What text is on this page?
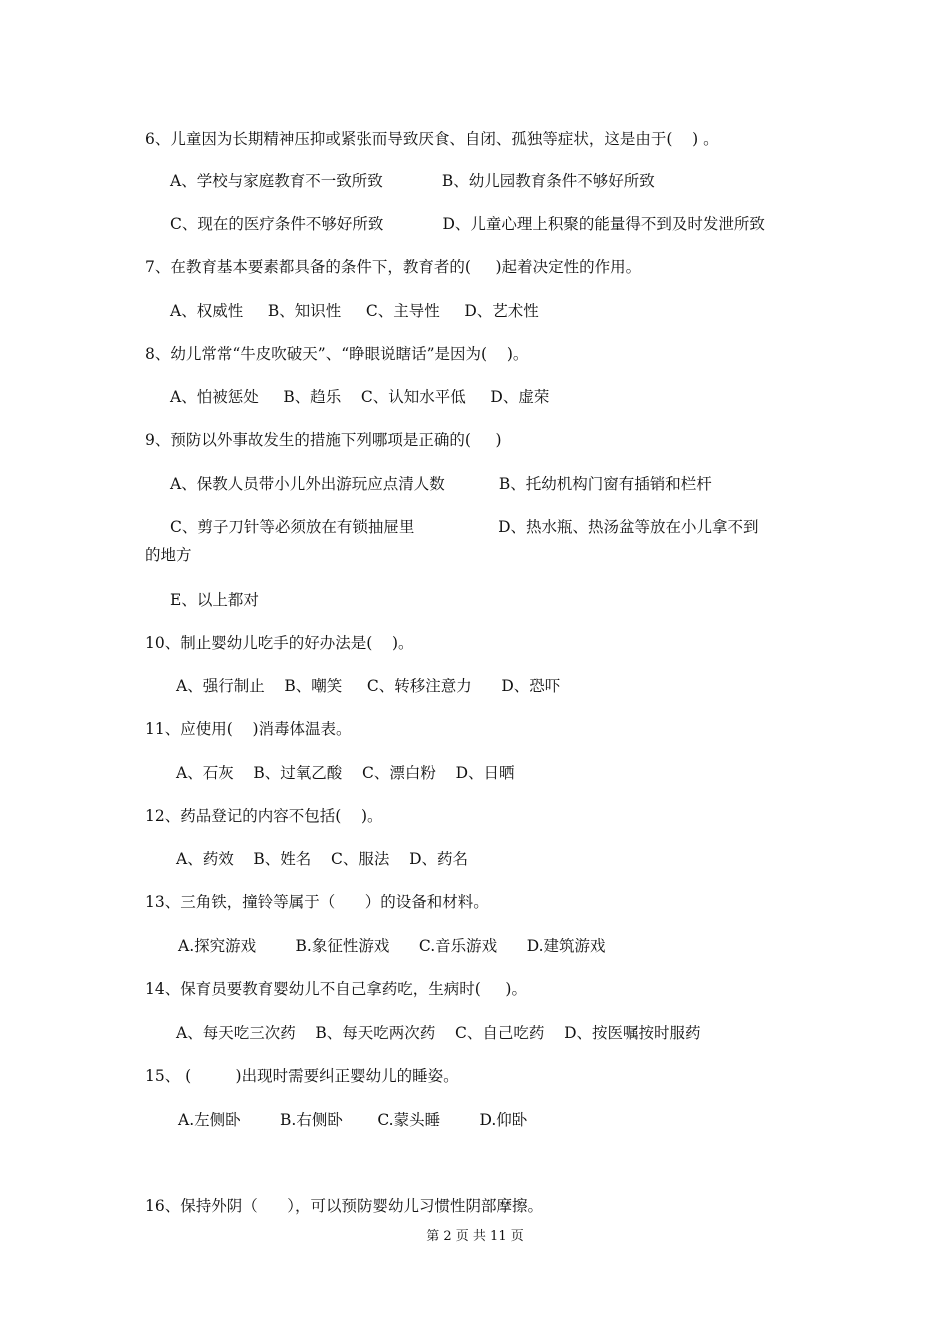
6、儿童因为长期精神压抑或紧张而导致厌食、自闭、孤独等症状，这是由于(    ) 。
A、学校与家庭教育不一致所致            B、幼儿园教育条件不够好所致
C、现在的医疗条件不够好所致            D、儿童心理上积聚的能量得不到及时发泄所致
7、在教育基本要素都具备的条件下，教育者的(     )起着决定性的作用。
A、权威性     B、知识性     C、主导性     D、艺术性
8、幼儿常常“牛皮吹破天”、“睁眼说瞎话”是因为(    )。
A、怕被惩处     B、趋乐    C、认知水平低     D、虚荣
9、预防以外事故发生的措施下列哪项是正确的(     )
A、保教人员带小儿外出游玩应点清人数           B、托幼机构门窗有插销和栏杆
C、剪子刀针等必须放在有锁抽屉里                 D、热水瓶、热汤盆等放在小儿拿不到
的地方
E、以上都对
10、制止婴幼儿吃手的好办法是(    )。
A、强行制止    B、嘲笑     C、转移注意力      D、恐吓
11、应使用(    )消毒体温表。
A、石灰    B、过氧乙酸    C、漂白粉    D、日晒
12、药品登记的内容不包括(    )。
A、药效    B、姓名    C、服法    D、药名
13、三角铁，撞铃等属于（      ）的设备和材料。
A.探究游戏        B.象征性游戏      C.音乐游戏      D.建筑游戏
14、保育员要教育婴幼儿不自己拿药吃，生病时(     )。
A、每天吃三次药    B、每天吃两次药    C、自己吃药    D、按医嘱按时服药
15、 (         )出现时需要纠正婴幼儿的睡姿。
A.左侧卧        B.右侧卧       C.蒙头睡        D.仰卧
16、保持外阴（      ），可以预防婴幼儿习惯性阴部摩擦。
第 2 页 共 11 页
